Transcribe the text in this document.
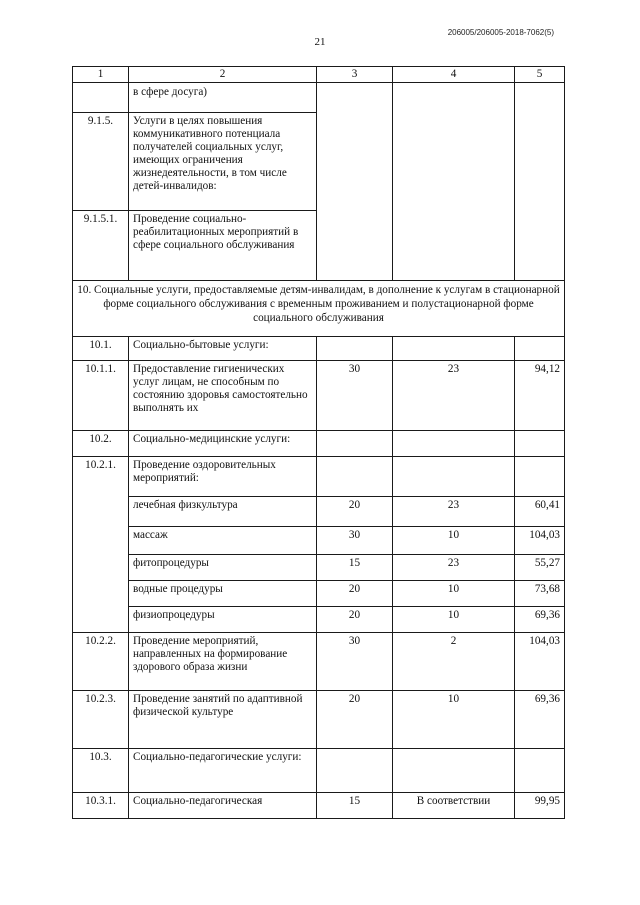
21
206005/206005-2018-7062(5)
1	2	3	4	5
	в сфере досуга)			
9.1.5.	Услуги в целях повышения коммуникативного потенциала получателей социальных услуг, имеющих ограничения жизнедеятельности, в том числе детей-инвалидов:			
9.1.5.1.	Проведение социально-реабилитационных мероприятий в сфере социального обслуживания			
10. Социальные услуги, предоставляемые детям-инвалидам, в дополнение к услугам в стационарной форме социального обслуживания с временным проживанием и полустационарной форме социального обслуживания				
10.1.	Социально-бытовые услуги:			
10.1.1.	Предоставление гигиенических услуг лицам, не способным по состоянию здоровья самостоятельно выполнять их	30	23	94,12
10.2.	Социально-медицинские услуги:			
10.2.1.	Проведение оздоровительных мероприятий:			
	лечебная физкультура	20	23	60,41
	массаж	30	10	104,03
	фитопроцедуры	15	23	55,27
	водные процедуры	20	10	73,68
	физиопроцедуры	20	10	69,36
10.2.2.	Проведение мероприятий, направленных на формирование здорового образа жизни	30	2	104,03
10.2.3.	Проведение занятий по адаптивной физической культуре	20	10	69,36
10.3.	Социально-педагогические услуги:			
10.3.1.	Социально-педагогическая	15	В соответствии	99,95
